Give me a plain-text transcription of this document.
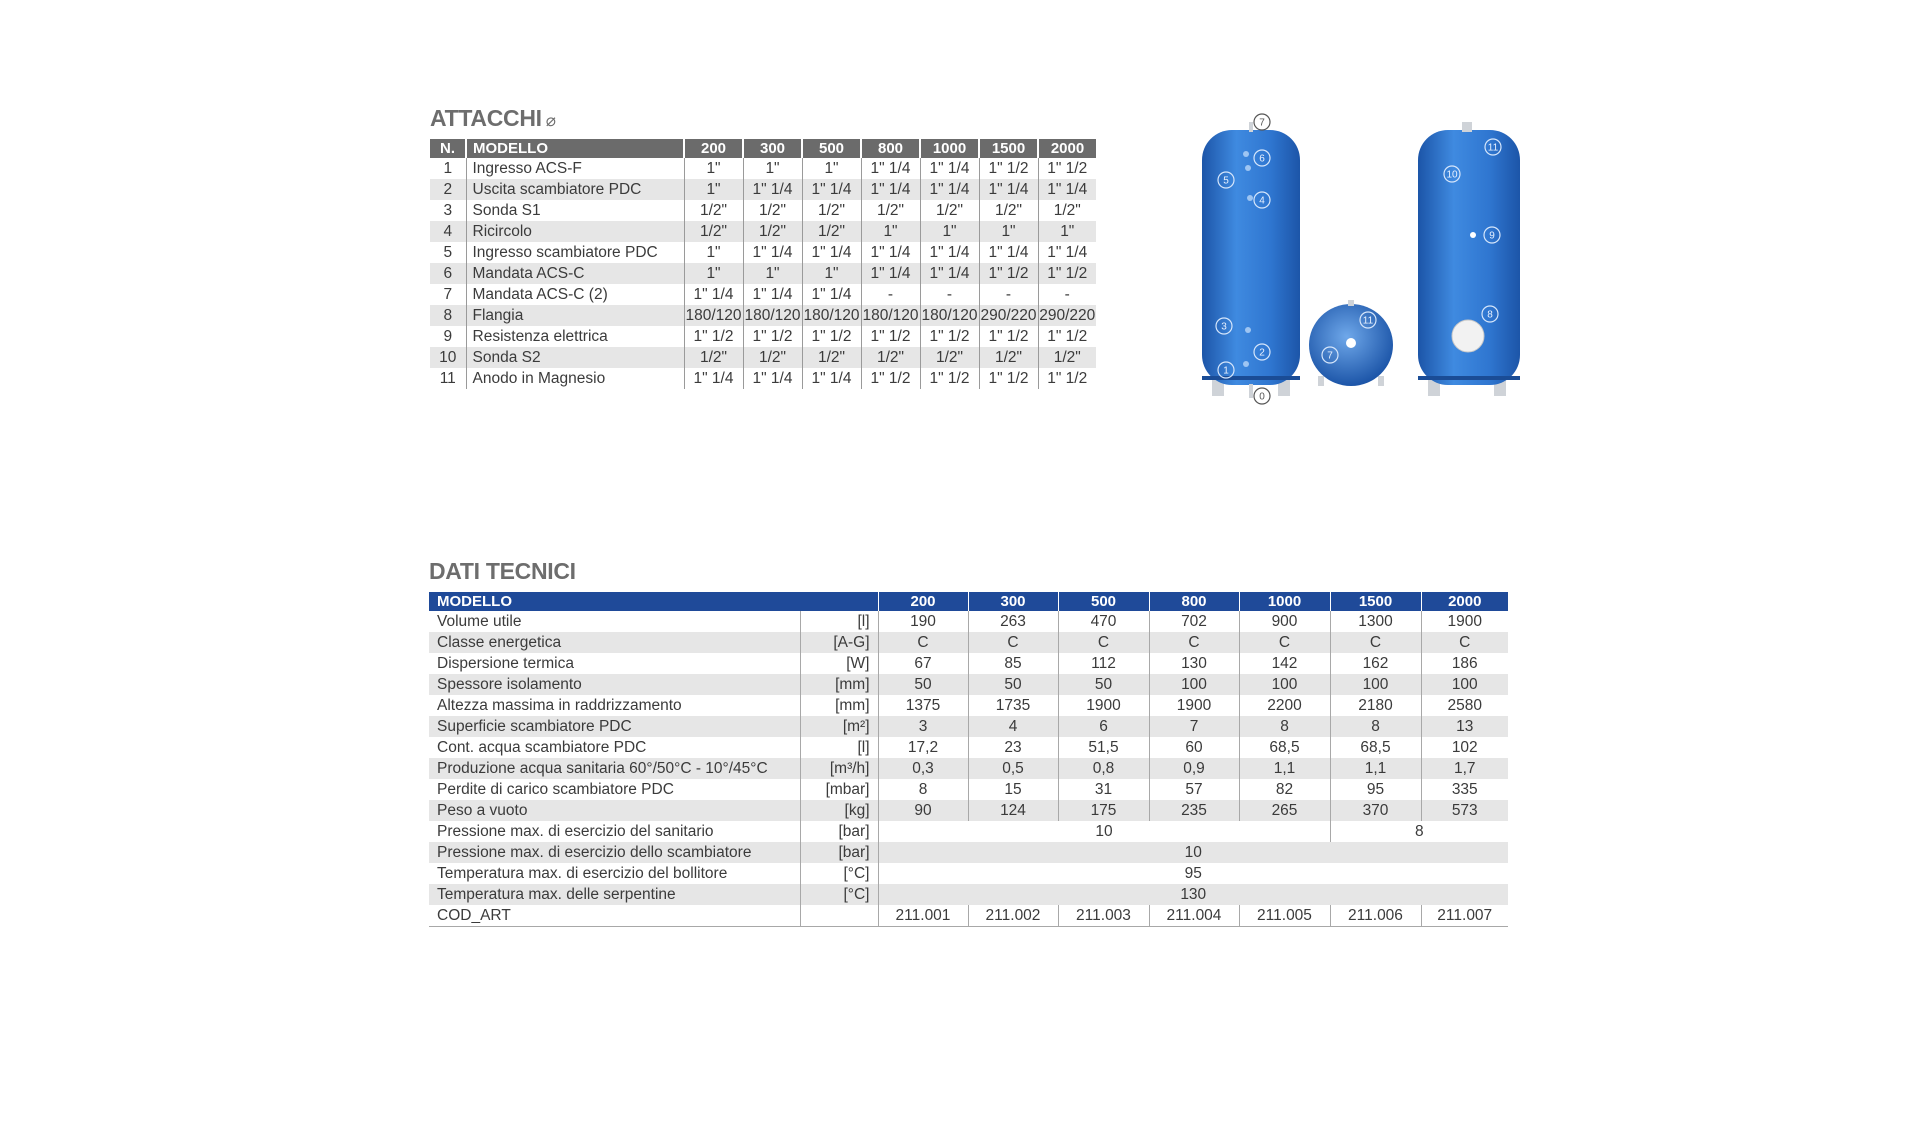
ATTACCHI ⌀
N.	MODELLO	200	300	500	800	1000	1500	2000
1	Ingresso ACS-F	1"	1"	1"	1" 1/4	1" 1/4	1" 1/2	1" 1/2
2	Uscita scambiatore PDC	1"	1" 1/4	1" 1/4	1" 1/4	1" 1/4	1" 1/4	1" 1/4
3	Sonda S1	1/2"	1/2"	1/2"	1/2"	1/2"	1/2"	1/2"
4	Ricircolo	1/2"	1/2"	1/2"	1"	1"	1"	1"
5	Ingresso scambiatore PDC	1"	1" 1/4	1" 1/4	1" 1/4	1" 1/4	1" 1/4	1" 1/4
6	Mandata ACS-C	1"	1"	1"	1" 1/4	1" 1/4	1" 1/2	1" 1/2
7	Mandata ACS-C (2)	1" 1/4	1" 1/4	1" 1/4	-	-	-	-
8	Flangia	180/120	180/120	180/120	180/120	180/120	290/220	290/220
9	Resistenza elettrica	1" 1/2	1" 1/2	1" 1/2	1" 1/2	1" 1/2	1" 1/2	1" 1/2
10	Sonda S2	1/2"	1/2"	1/2"	1/2"	1/2"	1/2"	1/2"
11	Anodo in Magnesio	1" 1/4	1" 1/4	1" 1/4	1" 1/2	1" 1/2	1" 1/2	1" 1/2
DATI TECNICI
MODELLO		200	300	500	800	1000	1500	2000
Volume utile	[l]	190	263	470	702	900	1300	1900
Classe energetica	[A-G]	C	C	C	C	C	C	C
Dispersione termica	[W]	67	85	112	130	142	162	186
Spessore isolamento	[mm]	50	50	50	100	100	100	100
Altezza massima in raddrizzamento	[mm]	1375	1735	1900	1900	2200	2180	2580
Superficie scambiatore PDC	[m²]	3	4	6	7	8	8	13
Cont. acqua scambiatore PDC	[l]	17,2	23	51,5	60	68,5	68,5	102
Produzione acqua sanitaria 60°/50°C - 10°/45°C	[m³/h]	0,3	0,5	0,8	0,9	1,1	1,1	1,7
Perdite di carico scambiatore PDC	[mbar]	8	15	31	57	82	95	335
Peso a vuoto	[kg]	90	124	175	235	265	370	573
Pressione max. di esercizio del sanitario	[bar]	10					8	
Pressione max. di esercizio dello scambiatore	[bar]	10						
Temperatura max. di esercizio del bollitore	[°C]	95						
Temperatura max. delle serpentine	[°C]	130						
COD_ART		211.001	211.002	211.003	211.004	211.005	211.006	211.007
7
6
5
4
3
2
1
0
11
7
11
10
9
8
